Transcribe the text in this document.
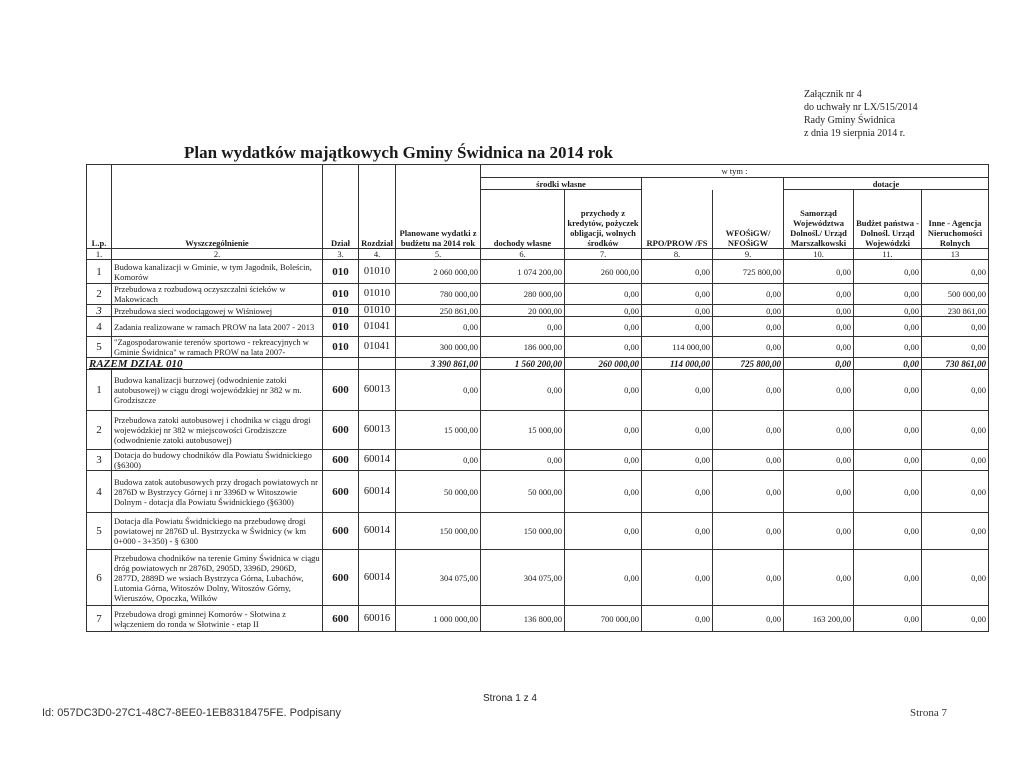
Załącznik nr 4
do uchwały nr LX/515/2014
Rady Gminy Świdnica
z dnia 19 sierpnia 2014 r.
Plan wydatków majątkowych Gminy Świdnica na 2014 rok
L.p.	Wyszczególnienie	Dział	Rozdział	Planowane wydatki z budżetu na 2014 rok	w tym :						
					środki własne				dotacje		
					dochody własne	przychody z kredytów, pożyczek obligacji, wolnych środków	RPO/PROW /FS	WFOŚiGW/ NFOŚiGW	Samorząd Województwa Dolnośl./ Urząd Marszałkowski	Budżet państwa - Dolnośl. Urząd Wojewódzki	Inne - Agencja Nieruchomości Rolnych

1.	2.	3.	4.	5.	6.	7.	8.	9.	10.	11.	13
1	Budowa kanalizacji w Gminie, w tym Jagodnik, Boleścin, Komorów	010	01010	2 060 000,00	1 074 200,00	260 000,00	0,00	725 800,00	0,00	0,00	0,00
2	Przebudowa z rozbudową oczyszczalni ścieków w Makowicach	010	01010	780 000,00	280 000,00	0,00	0,00	0,00	0,00	0,00	500 000,00
3	Przebudowa sieci wodociągowej w Wiśniowej	010	01010	250 861,00	20 000,00	0,00	0,00	0,00	0,00	0,00	230 861,00
4	Zadania realizowane w ramach PROW na lata 2007 - 2013	010	01041	0,00	0,00	0,00	0,00	0,00	0,00	0,00	0,00
5	"Zagospodarowanie terenów sportowo - rekreacyjnych w Gminie Świdnica" w ramach PROW na lata 2007-	010	01041	300 000,00	186 000,00	0,00	114 000,00	0,00	0,00	0,00	0,00
RAZEM DZIAŁ 010				3 390 861,00	1 560 200,00	260 000,00	114 000,00	725 800,00	0,00	0,00	730 861,00
1	Budowa kanalizacji burzowej (odwodnienie zatoki autobusowej) w ciągu drogi wojewódzkiej nr 382 w m. Grodziszcze	600	60013	0,00	0,00	0,00	0,00	0,00	0,00	0,00	0,00
2	Przebudowa zatoki autobusowej i chodnika w ciągu drogi wojewódzkiej nr 382 w miejscowości Grodziszcze (odwodnienie zatoki autobusowej)	600	60013	15 000,00	15 000,00	0,00	0,00	0,00	0,00	0,00	0,00
3	Dotacja do budowy chodników dla Powiatu Świdnickiego (§6300)	600	60014	0,00	0,00	0,00	0,00	0,00	0,00	0,00	0,00
4	Budowa zatok autobusowych przy drogach powiatowych nr 2876D w Bystrzycy Górnej i nr 3396D w Witoszowie Dolnym - dotacja dla Powiatu Świdnickiego (§6300)	600	60014	50 000,00	50 000,00	0,00	0,00	0,00	0,00	0,00	0,00
5	Dotacja dla Powiatu Świdnickiego na przebudowę drogi powiatowej nr 2876D ul. Bystrzycka w Świdnicy (w km 0+000 - 3+350) - § 6300	600	60014	150 000,00	150 000,00	0,00	0,00	0,00	0,00	0,00	0,00
6	Przebudowa chodników na terenie Gminy Świdnica w ciągu dróg powiatowych nr 2876D, 2905D, 3396D, 2906D, 2877D, 2889D we wsiach Bystrzyca Górna, Lubachów, Lutomia Górna, Witoszów Dolny, Witoszów Górny, Wieruszów, Opoczka, Wilków	600	60014	304 075,00	304 075,00	0,00	0,00	0,00	0,00	0,00	0,00
7	Przebudowa drogi gminnej Komorów - Słotwina z włączeniem do ronda w Słotwinie - etap II	600	60016	1 000 000,00	136 800,00	700 000,00	0,00	0,00	163 200,00	0,00	0,00
Strona 1 z 4
Id: 057DC3D0-27C1-48C7-8EE0-1EB8318475FE. Podpisany	Strona 7
